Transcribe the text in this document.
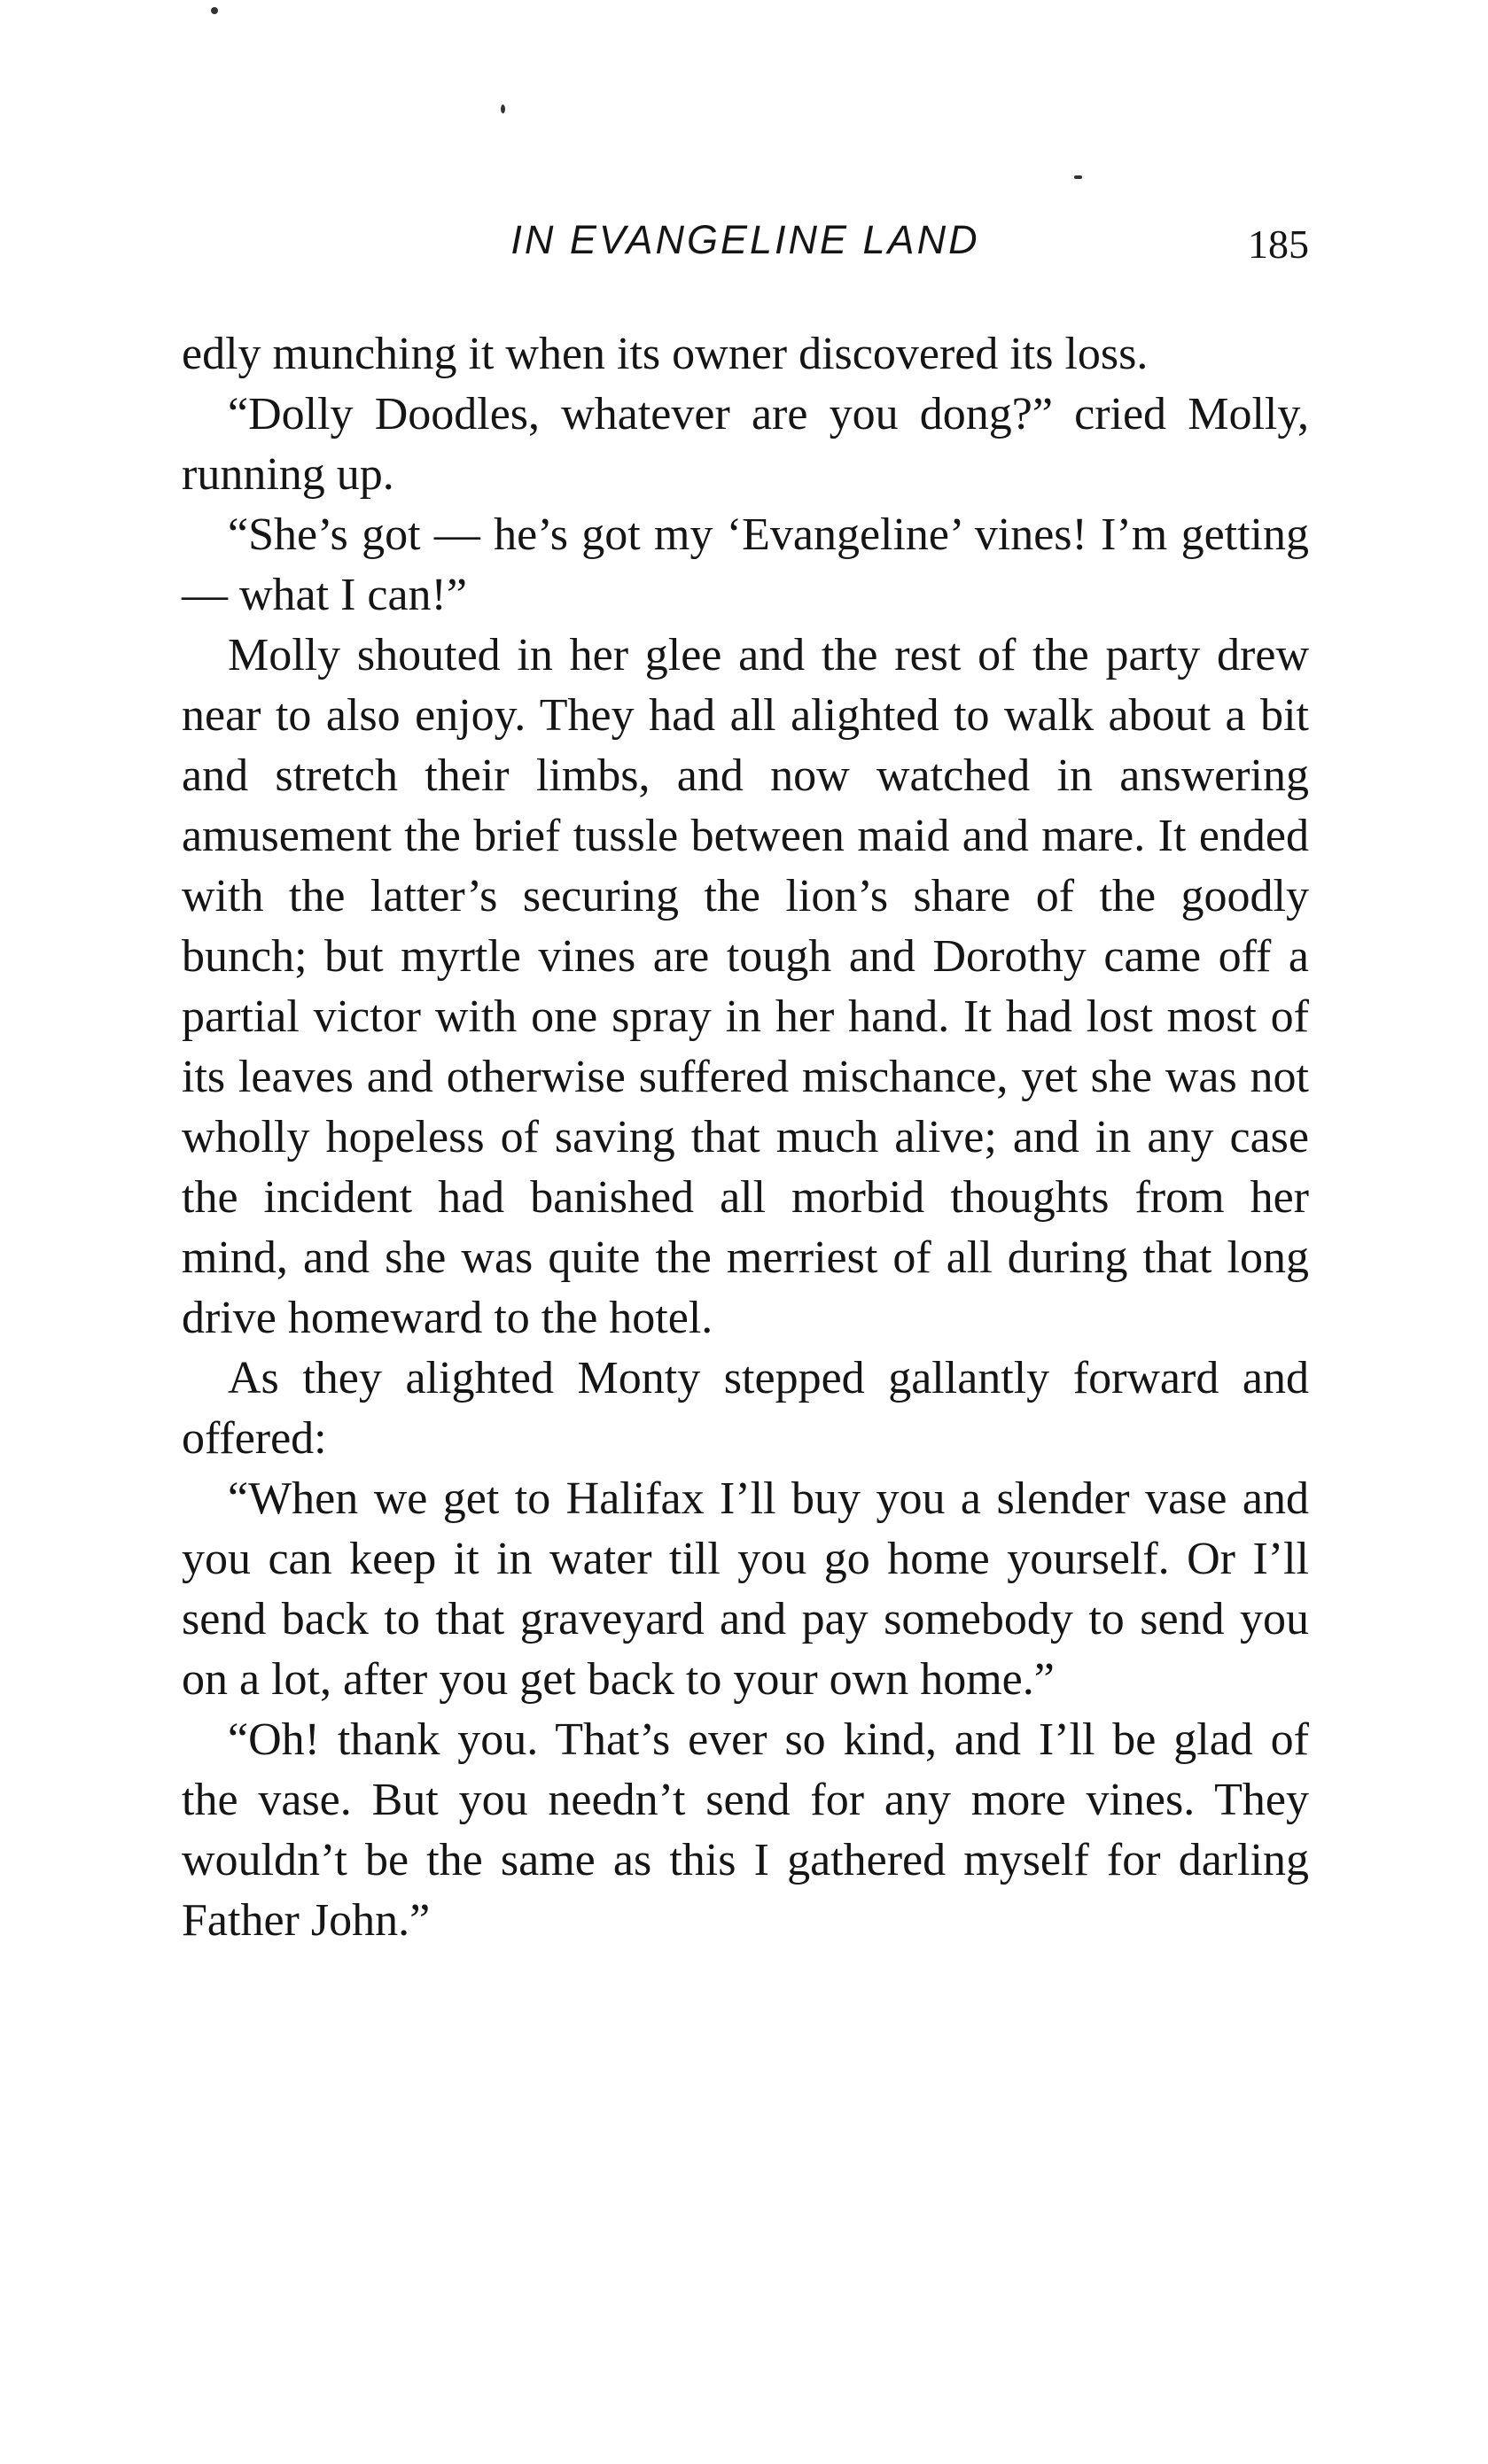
IN EVANGELINE LAND	185

edly munching it when its owner discovered its loss.

“Dolly Doodles, whatever are you dong?” cried Molly, running up.

“She’s got — he’s got my ‘Evangeline’ vines! I’m getting — what I can!”

Molly shouted in her glee and the rest of the party drew near to also enjoy. They had all alighted to walk about a bit and stretch their limbs, and now watched in answering amusement the brief tussle between maid and mare. It ended with the latter’s securing the lion’s share of the goodly bunch; but myrtle vines are tough and Dorothy came off a partial victor with one spray in her hand. It had lost most of its leaves and otherwise suffered mischance, yet she was not wholly hopeless of saving that much alive; and in any case the incident had banished all morbid thoughts from her mind, and she was quite the merriest of all during that long drive homeward to the hotel.

As they alighted Monty stepped gallantly forward and offered:

“When we get to Halifax I’ll buy you a slender vase and you can keep it in water till you go home yourself. Or I’ll send back to that graveyard and pay somebody to send you on a lot, after you get back to your own home.”

“Oh! thank you. That’s ever so kind, and I’ll be glad of the vase. But you needn’t send for any more vines. They wouldn’t be the same as this I gathered myself for darling Father John.”
